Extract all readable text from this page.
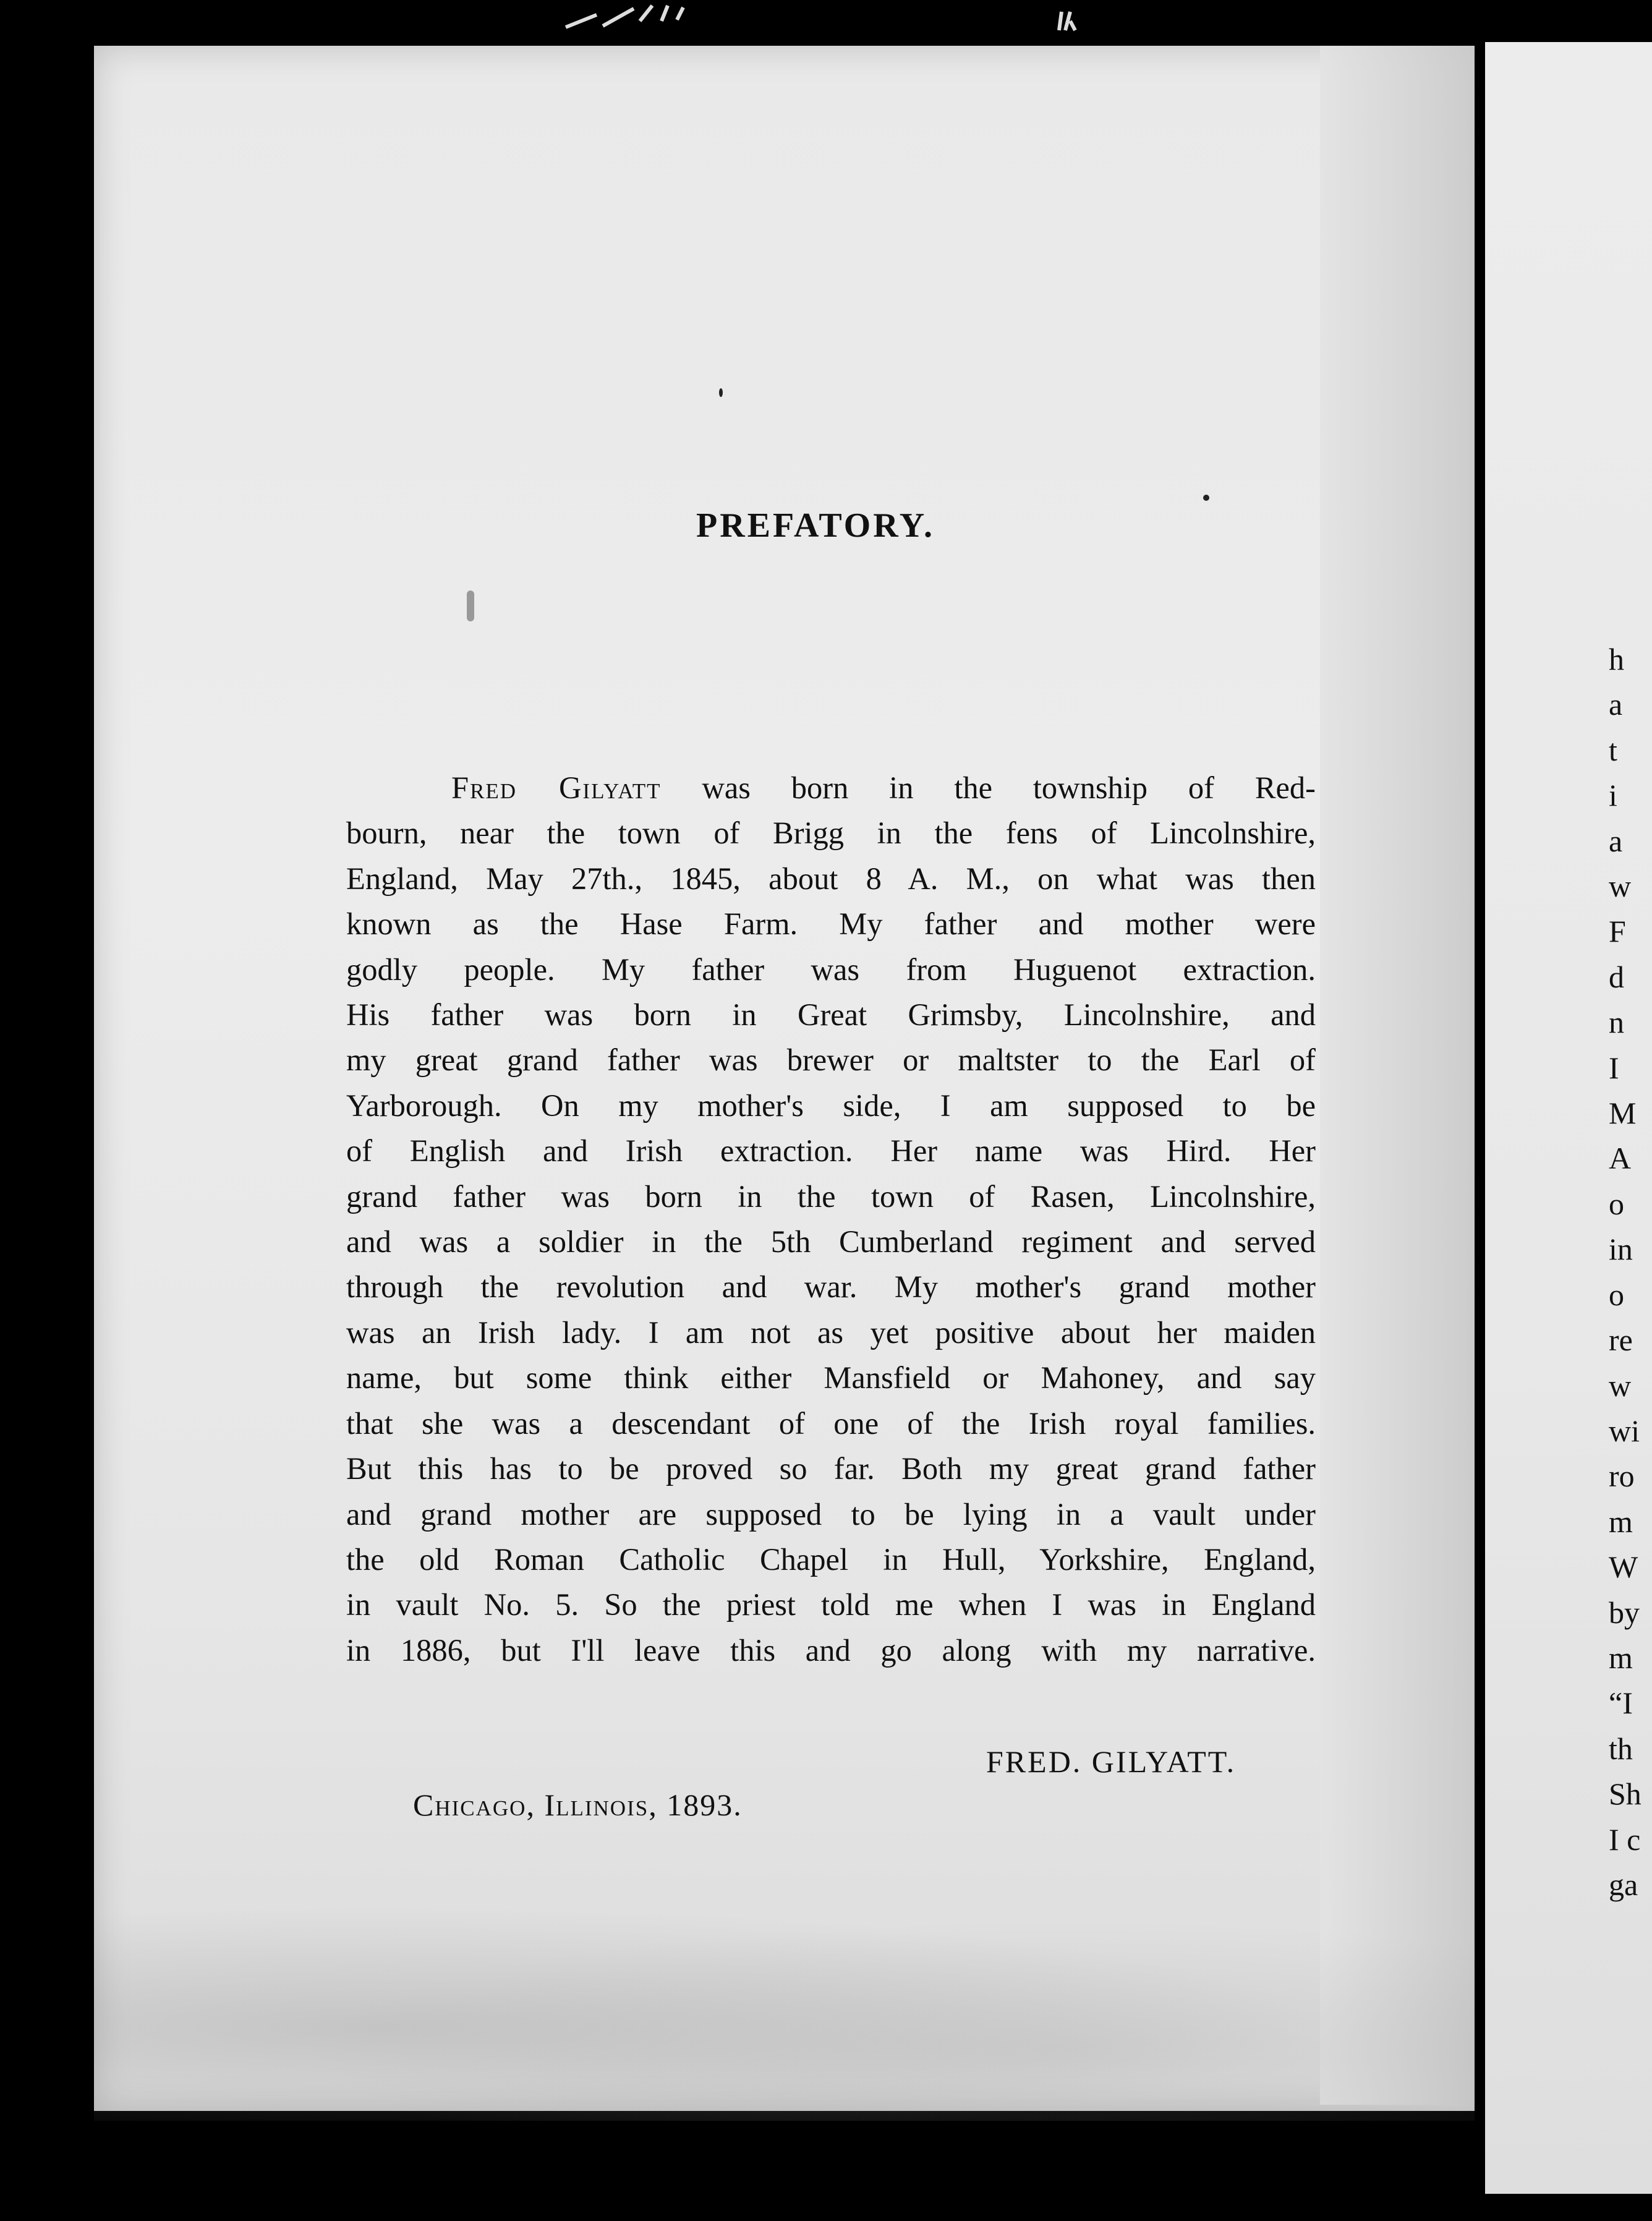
PREFATORY.
Fred Gilyatt was born in the township of Red-
bourn, near the town of Brigg in the fens of Lincolnshire,
England, May 27th., 1845, about 8 A. M., on what was then
known as the Hase Farm. My father and mother were
godly people. My father was from Huguenot extraction.
His father was born in Great Grimsby, Lincolnshire, and
my great grand father was brewer or maltster to the Earl of
Yarborough. On my mother's side, I am supposed to be
of English and Irish extraction. Her name was Hird. Her
grand father was born in the town of Rasen, Lincolnshire,
and was a soldier in the 5th Cumberland regiment and served
through the revolution and war. My mother's grand mother
was an Irish lady. I am not as yet positive about her maiden
name, but some think either Mansfield or Mahoney, and say
that she was a descendant of one of the Irish royal families.
But this has to be proved so far. Both my great grand father
and grand mother are supposed to be lying in a vault under
the old Roman Catholic Chapel in Hull, Yorkshire, England,
in vault No. 5. So the priest told me when I was in England
in 1886, but I'll leave this and go along with my narrative.
FRED. GILYATT.
Chicago, Illinois, 1893.
h
a
t
i
a
w
F
d
n
I
M
A
o
in
o
re
w
wi
ro
m
W
by
m
“I
th
Sh
I c
ga
